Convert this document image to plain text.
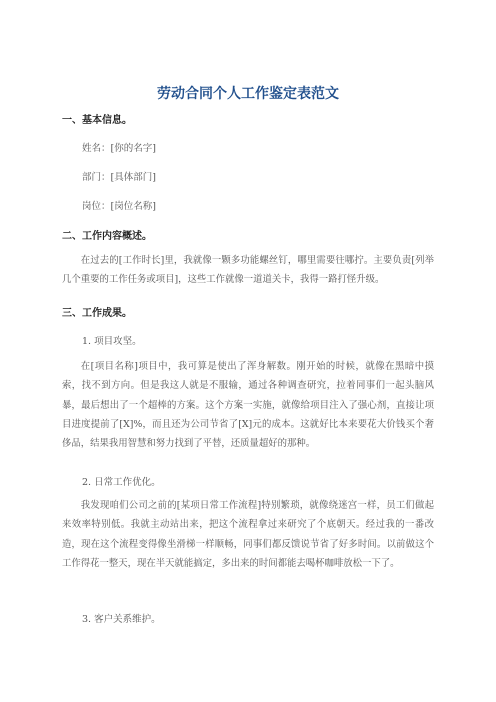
劳动合同个人工作鉴定表范文
一、基本信息。
姓名：[你的名字]
部门：[具体部门]
岗位：[岗位名称]
二、工作内容概述。
在过去的[工作时长]里，我就像一颗多功能螺丝钉，哪里需要往哪拧。主要负责[列举几个重要的工作任务或项目]，这些工作就像一道道关卡，我得一路打怪升级。
三、工作成果。
1. 项目攻坚。
在[项目名称]项目中，我可算是使出了浑身解数。刚开始的时候，就像在黑暗中摸索，找不到方向。但是我这人就是不服输，通过各种调查研究，拉着同事们一起头脑风暴，最后想出了一个超棒的方案。这个方案一实施，就像给项目注入了强心剂，直接让项目进度提前了[X]%，而且还为公司节省了[X]元的成本。这就好比本来要花大价钱买个奢侈品，结果我用智慧和努力找到了平替，还质量超好的那种。
2. 日常工作优化。
我发现咱们公司之前的[某项日常工作流程]特别繁琐，就像绕迷宫一样，员工们做起来效率特别低。我就主动站出来，把这个流程拿过来研究了个底朝天。经过我的一番改造，现在这个流程变得像坐滑梯一样顺畅，同事们都反馈说节省了好多时间。以前做这个工作得花一整天，现在半天就能搞定，多出来的时间都能去喝杯咖啡放松一下了。
3. 客户关系维护。
